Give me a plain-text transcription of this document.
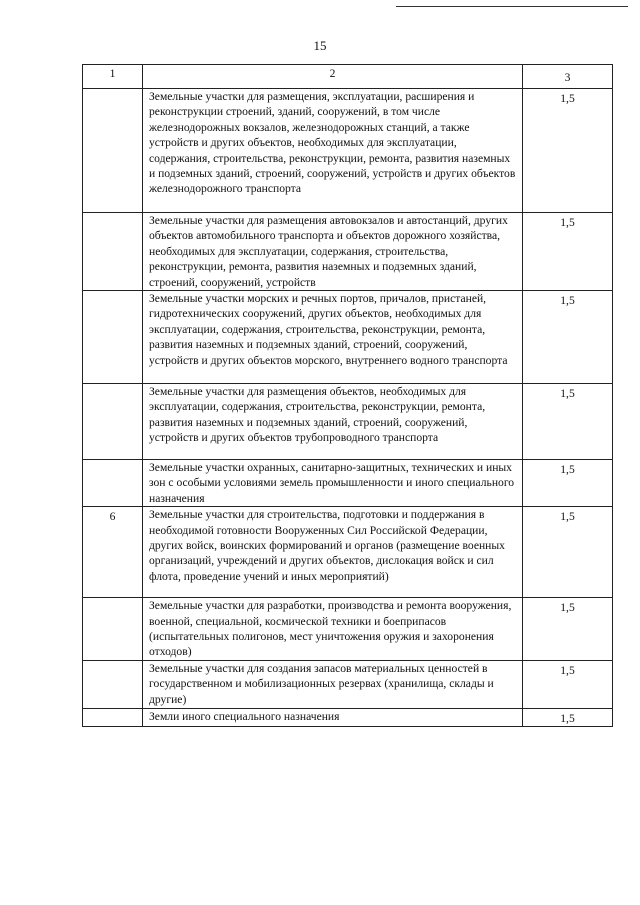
15
1	2	3
	Земельные участки для размещения, эксплуатации, расширения и реконструкции строений, зданий, сооружений, в том числе железнодорожных вокзалов, железнодорожных станций, а также устройств и других объектов, необходимых для эксплуатации, содержания, строительства, реконструкции, ремонта, развития наземных и подземных зданий, строений, сооружений, устройств и других объектов железнодорожного транспорта	1,5
	Земельные участки для размещения автовокзалов и автостанций, других объектов автомобильного транспорта и объектов дорожного хозяйства, необходимых для эксплуатации, содержания, строительства, реконструкции, ремонта, развития наземных и подземных зданий, строений, сооружений, устройств	1,5
	Земельные участки морских и речных портов, причалов, пристаней, гидротехнических сооружений, других объектов, необходимых для эксплуатации, содержания, строительства, реконструкции, ремонта, развития наземных и подземных зданий, строений, сооружений, устройств и других объектов морского, внутреннего водного транспорта	1,5
	Земельные участки для размещения объектов, необходимых для эксплуатации, содержания, строительства, реконструкции, ремонта, развития наземных и подземных зданий, строений, сооружений, устройств и других объектов трубопроводного транспорта	1,5
	Земельные участки охранных, санитарно-защитных, технических и иных зон с особыми условиями земель промышленности и иного специального назначения	1,5
6	Земельные участки для строительства, подготовки и поддержания в необходимой готовности Вооруженных Сил Российской Федерации, других войск, воинских формирований и органов (размещение военных организаций, учреждений и других объектов, дислокация войск и сил флота, проведение учений и иных мероприятий)	1,5
	Земельные участки для разработки, производства и ремонта вооружения, военной, специальной, космической техники и боеприпасов (испытательных полигонов, мест уничтожения оружия и захоронения отходов)	1,5
	Земельные участки для создания запасов материальных ценностей в государственном и мобилизационных резервах (хранилища, склады и другие)	1,5
	Земли иного специального назначения	1,5
